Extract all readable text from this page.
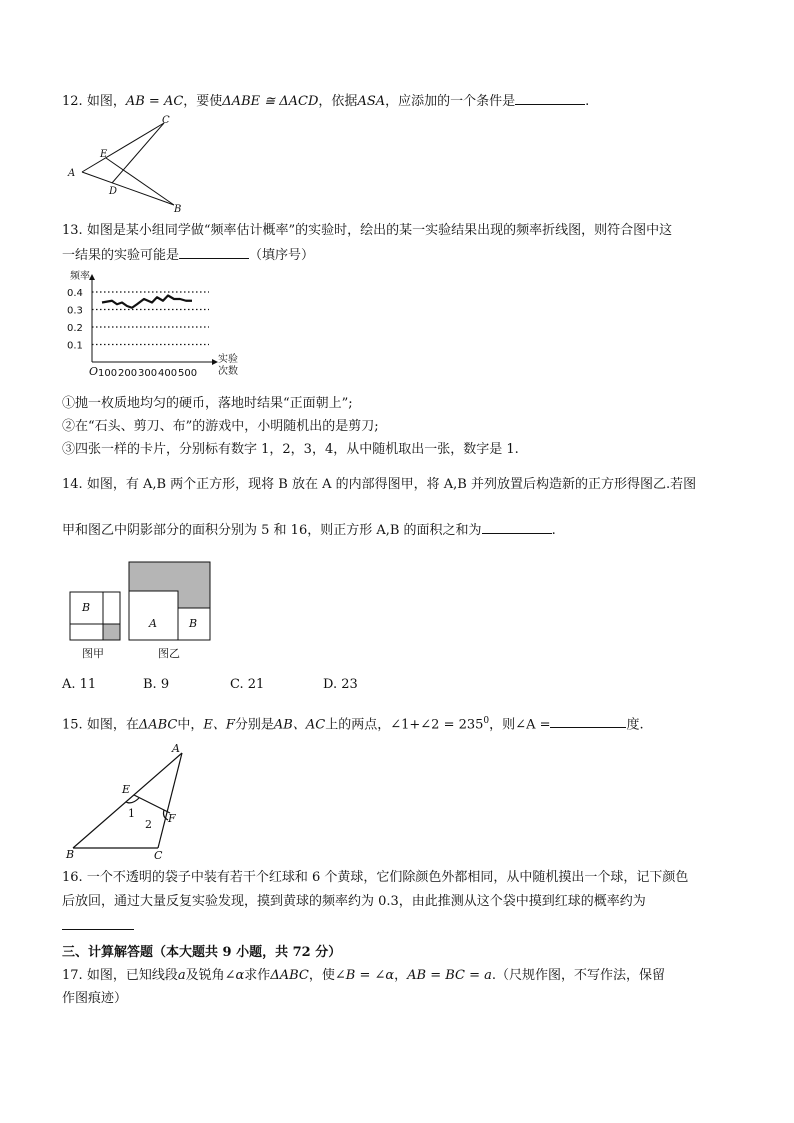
12. 如图，AB = AC，要使ΔABE ≅ ΔACD，依据ASA，应添加的一个条件是	.
A
C
E
D
B
13. 如图是某小组同学做“频率估计概率”的实验时，绘出的某一实验结果出现的频率折线图，则符合图中这
一结果的实验可能是	（填序号）
频率
实验
次数
O
0.1
0.2
0.3
0.4
100 200 300 400 500
①抛一枚质地均匀的硬币，落地时结果“正面朝上”;
②在“石头、剪刀、布”的游戏中，小明随机出的是剪刀;
③四张一样的卡片，分别标有数字 1，2，3，4，从中随机取出一张，数字是 1.
14. 如图，有 A,B 两个正方形，现将 B 放在 A 的内部得图甲，将 A,B 并列放置后构造新的正方形得图乙.若图
甲和图乙中阴影部分的面积分别为 5 和 16，则正方形 A,B 的面积之和为	.
B
A	B
图甲	图乙
A. 11	B. 9	C. 21	D. 23
15. 如图，在ΔABC中，E、F分别是AB、AC上的两点，∠1+∠2 = $235^0$，则∠A =	度.
A
E
F
B	C
1
2
16. 一个不透明的袋子中装有若干个红球和 6 个黄球，它们除颜色外都相同，从中随机摸出一个球，记下颜色
后放回，通过大量反复实验发现，摸到黄球的频率约为 0.3，由此推测从这个袋中摸到红球的概率约为
三、计算解答题（本大题共 9 小题，共 72 分）
17. 如图，已知线段a及锐角∠α求作ΔABC，使∠B = ∠α，AB = BC = a.（尺规作图，不写作法，保留
作图痕迹）
